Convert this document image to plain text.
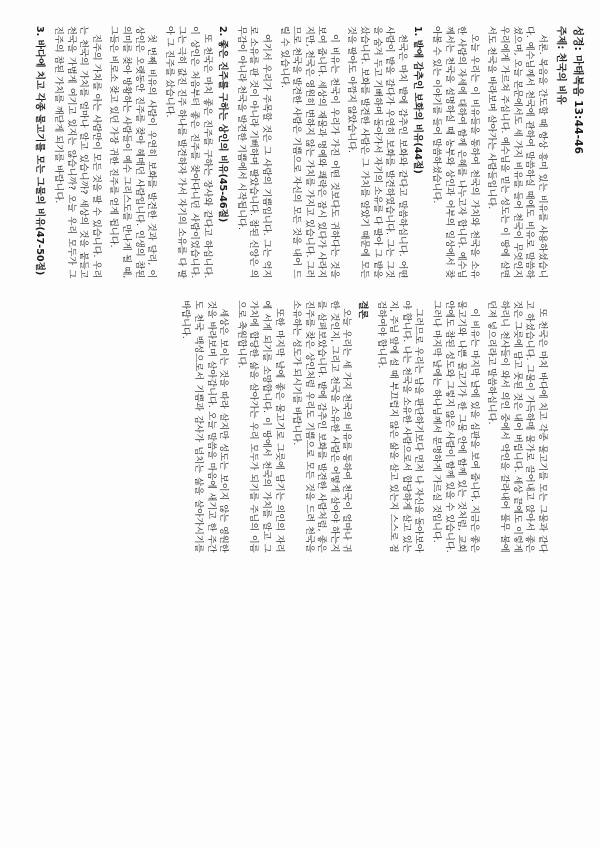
성경: 마태복음 13:44-46
주제: 천국의 비유

서론. 복음을 간도할 때 항상 흥미 있는 비유를 사용하셨습니다. 예수님께서 천국에 관하여 말씀하실 때에도 비유로 말씀하셨으며, 오늘 본문에서도 세 가지 비유를 들어 천국이 무엇인지 우리에게 가르쳐 주십니다. 예수님을 믿는 성도는 이 땅에 살면서도 천국을 바라보며 살아가는 사람들입니다.

오늘 우리는 이 비유들을 통하여 천국의 가치와 천국을 소유한 사람의 자세에 대하여 함께 은혜를 나누고자 합니다. 예수님께서는 천국을 설명하실 때 농부와 상인과 어부의 일상에서 찾아볼 수 있는 이야기를 들어 말씀하셨습니다.

1. 밭에 감추인 보화의 비유(44절)

천국은 마치 밭에 감추인 보화와 같다고 말씀하십니다. 어떤 사람이 밭을 갈다가 우연히 보화를 발견하였습니다. 그는 그것을 숨겨 두고 기뻐하며 돌아가서 자기의 소유를 다 팔아 그 밭을 샀습니다. 보화를 발견한 사람은 그 가치를 알았기 때문에 모든 것을 팔아도 아깝지 않았습니다.

이 비유는 천국이 우리가 가진 어떤 것보다도 귀하다는 것을 보여 줍니다. 세상의 재물과 명예와 쾌락은 잠시 있다가 사라지지만, 천국은 영원히 변하지 않는 가치를 가지고 있습니다. 그러므로 천국을 발견한 사람은 기쁨으로 자신의 모든 것을 내어 드릴 수 있습니다.

여기서 우리가 주목할 것은 그 사람의 기쁨입니다. 그는 억지로 소유를 판 것이 아니라 기뻐하며 팔았습니다. 참된 신앙은 의무감이 아니라 천국을 발견한 기쁨에서 시작됩니다.

2. 좋은 진주를 구하는 상인의 비유(45-46절)

또 천국은 마치 좋은 진주를 구하는 장사와 같다고 하십니다. 이 상인은 처음부터 좋은 진주를 찾아다니던 사람이었습니다. 그는 극히 값진 진주 하나를 발견하자 가서 자기의 소유를 다 팔아 그 진주를 샀습니다.

첫 번째 비유의 사람이 우연히 보화를 발견한 것과 달리, 이 상인은 오랫동안 진주를 찾아 헤매던 사람입니다. 인생의 참된 의미를 찾아 방황하는 사람들이 예수 그리스도를 만나게 될 때, 그들은 비로소 찾고 있던 가장 귀한 진주를 얻게 됩니다.

진주의 가치를 아는 사람만이 모든 것을 팔 수 있습니다. 우리는 천국의 가치를 얼마나 알고 있습니까? 세상의 것을 붙들고 천국을 가볍게 여기고 있지는 않습니까? 오늘 우리 모두가 그 진주의 참된 가치를 깨닫게 되기를 바랍니다.

3. 바다에 치고 각종 물고기를 모는 그물의 비유(47-50절)

또 천국은 마치 바다에 치고 각종 물고기를 모는 그물과 같다고 하셨습니다. 그물이 가득하매 물가로 끌어내고 앉아서 좋은 것은 그릇에 담고 못된 것은 내어 버립니다. 세상 끝에도 이렇게 하리니 천사들이 와서 의인 중에서 악인을 갈라내어 풀무 불에 던져 넣으리라고 말씀하십니다.

이 비유는 마지막 날에 있을 심판을 보여 줍니다. 지금은 좋은 물고기와 나쁜 물고기가 한 그물 안에 함께 있는 것처럼, 교회 안에도 참된 성도와 그렇지 않은 사람이 함께 있을 수 있습니다. 그러나 마지막 날에는 하나님께서 분명하게 가르실 것입니다.

그러므로 우리는 남을 판단하기보다 먼저 나 자신을 돌아보아야 합니다. 나는 천국을 소유한 사람으로서 합당하게 살고 있는지, 주님 앞에 설 때 부끄럽지 않은 삶을 살고 있는지 스스로 점검하여야 합니다.

결론

오늘 우리는 세 가지 천국의 비유를 통하여 천국이 얼마나 귀한 것인지, 그리고 천국을 소유한 사람은 어떻게 살아야 하는지를 살펴보았습니다. 밭에 감추인 보화를 발견한 사람처럼, 좋은 진주를 찾은 상인처럼 우리도 기쁨으로 모든 것을 드려 천국을 소유하는 성도가 되시기를 바랍니다.

또한 마지막 날에 좋은 물고기로 그릇에 담기는 의인의 자리에 서게 되기를 소망합니다. 이 땅에서 천국의 가치를 알고 그 가치에 합당한 삶을 살아가는 우리 모두가 되기를 주님의 이름으로 축원합니다.

세상은 보이는 것을 따라 살지만 성도는 보이지 않는 영원한 것을 바라보며 살아갑니다. 오늘 말씀을 마음에 새기고 한 주간도 천국 백성으로서 기쁨과 감사가 넘치는 삶을 살아가시기를 바랍니다.
